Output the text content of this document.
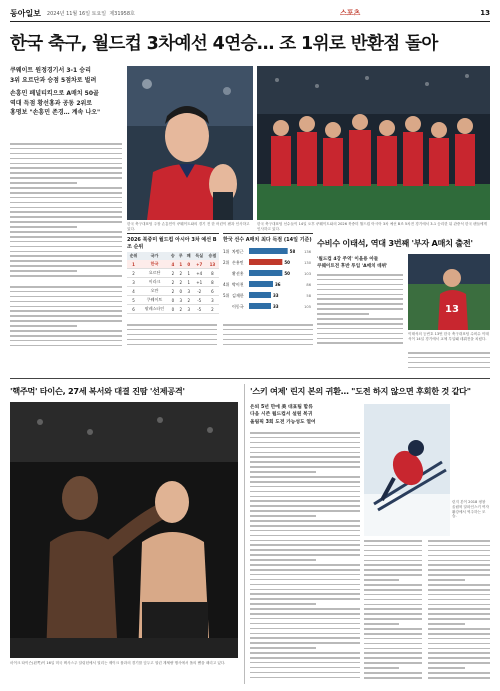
동아일보 2024년 11월 16일 토요일 제31958호	스포츠	13
한국 축구, 월드컵 3차예선 4연승… 조 1위로 반환점 돌아
쿠웨이트 원정경기서 3-1 승리
3위 요르단과 승점 5점차로 벌려
손흥민 페널티킥으로 A매치 50골
역대 득점 황선홍과 공동 2위로
홍명보 "손흥민 존경… 계속 나오"
한국 축구대표팀 주장 손흥민이 쿠웨이트와의 경기 전 한 어린이 팬과 인사하고 있다.
한국 축구대표팀 선수들이 14일 오후 쿠웨이트와의 2026 북중미 월드컵 아시아 3차 예선 B조 5차전 경기에서 3-1 승리한 뒤 관중석 한국 팬들에게 인사하고 있다.
2026 북중미 월드컵 아시아 3차 예선 B조 순위
순위	국가	승	무	패	득실	승점
1	한국	4	1	0	+7	13
2	요르단	2	2	1	+4	8
3	이라크	2	2	1	+1	8
4	오만	2	0	3	-2	6
5	쿠웨이트	0	3	2	-5	3
6	팔레스타인	0	2	3	-5	2
한국 선수 A매치 최다 득점 (14일 기준)
1위 차범근	58 136
2위 손흥민	50	130
황선홍	50	103
4위 박이천	36	86
5위 김재한	33	58
이동국	33	105
수비수 이태석, 역대 3번째 '부자 A매치 출전'
'월드컵 4강 주역' 이을용 아들
쿠웨이트전 후반 투입 'A매치 데뷔'
13
이태석의 등번호 13번 한국 축구대표팀 수비수 이태석이 14일 경기에서 교체 투입돼 데뷔전을 치렀다.
'핵주먹' 타이슨, 27세 복서와 대결 진땀 '선제공격'
마이크 타이슨(왼쪽)이 16일 미국 텍사스주 알링턴에서 열리는 제이크 폴과의 경기를 앞두고 열린 계체량 행사에서 폴의 뺨을 때리고 있다.
'스키 여제' 린지 본의 귀환… "도전 하지 않으면 후회한 것 같다"
은퇴 5년 만에 美 대표팀 합류
다음 시즌 월드컵서 설원 복귀
올림픽 3회 도전 가능성도 열어
린지 본이 2018 평창 올림픽 알파인스키 여자 활강에서 역주하는 모습.
